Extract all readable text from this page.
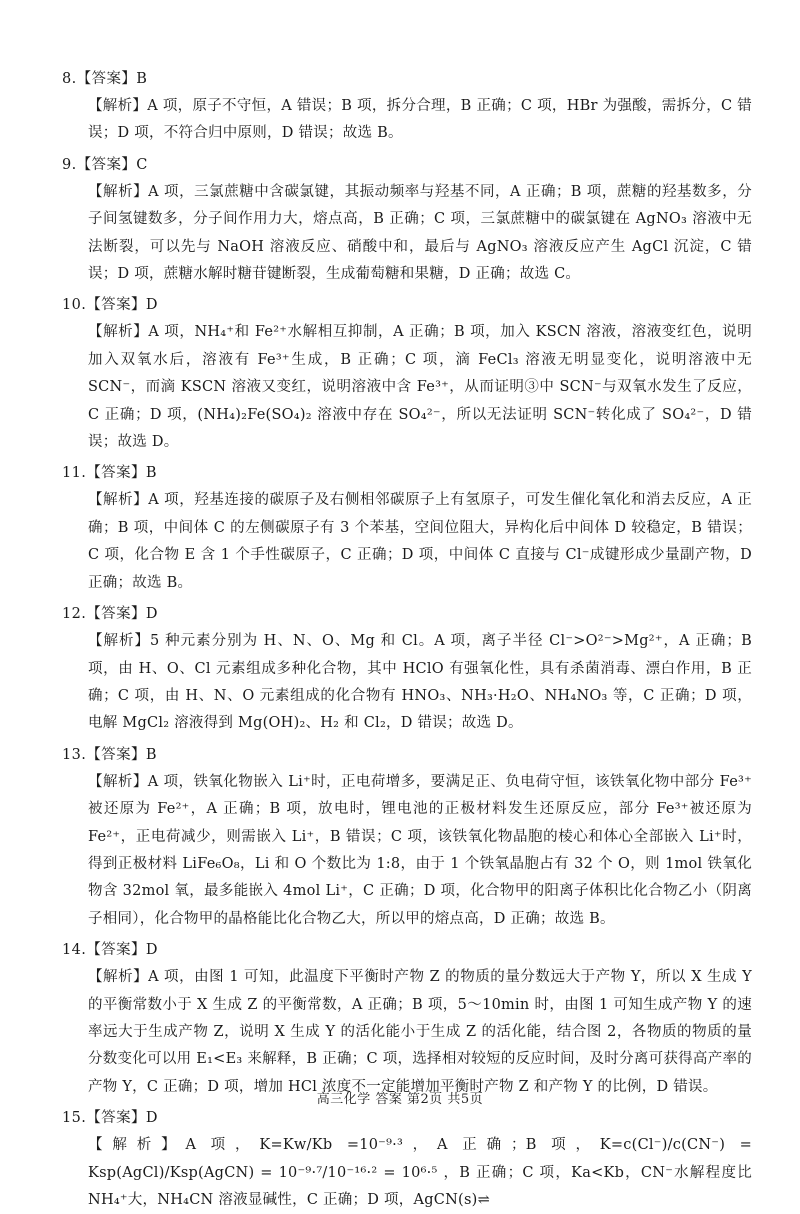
8.【答案】B
【解析】A 项，原子不守恒，A 错误；B 项，拆分合理，B 正确；C 项，HBr 为强酸，需拆分，C 错误；D 项，不符合归中原则，D 错误；故选 B。
9.【答案】C
【解析】A 项，三氯蔗糖中含碳氯键，其振动频率与羟基不同，A 正确；B 项，蔗糖的羟基数多，分子间氢键数多，分子间作用力大，熔点高，B 正确；C 项，三氯蔗糖中的碳氯键在 AgNO₃ 溶液中无法断裂，可以先与 NaOH 溶液反应、硝酸中和，最后与 AgNO₃ 溶液反应产生 AgCl 沉淀，C 错误；D 项，蔗糖水解时糖苷键断裂，生成葡萄糖和果糖，D 正确；故选 C。
10.【答案】D
【解析】A 项，NH₄⁺和 Fe²⁺水解相互抑制，A 正确；B 项，加入 KSCN 溶液，溶液变红色，说明加入双氧水后，溶液有 Fe³⁺生成，B 正确；C 项，滴 FeCl₃ 溶液无明显变化，说明溶液中无 SCN⁻，而滴 KSCN 溶液又变红，说明溶液中含 Fe³⁺，从而证明③中 SCN⁻与双氧水发生了反应，C 正确；D 项，(NH₄)₂Fe(SO₄)₂ 溶液中存在 SO₄²⁻，所以无法证明 SCN⁻转化成了 SO₄²⁻，D 错误；故选 D。
11.【答案】B
【解析】A 项，羟基连接的碳原子及右侧相邻碳原子上有氢原子，可发生催化氧化和消去反应，A 正确；B 项，中间体 C 的左侧碳原子有 3 个苯基，空间位阻大，异构化后中间体 D 较稳定，B 错误；C 项，化合物 E 含 1 个手性碳原子，C 正确；D 项，中间体 C 直接与 Cl⁻成键形成少量副产物，D 正确；故选 B。
12.【答案】D
【解析】5 种元素分别为 H、N、O、Mg 和 Cl。A 项，离子半径 Cl⁻>O²⁻>Mg²⁺，A 正确；B 项，由 H、O、Cl 元素组成多种化合物，其中 HClO 有强氧化性，具有杀菌消毒、漂白作用，B 正确；C 项，由 H、N、O 元素组成的化合物有 HNO₃、NH₃·H₂O、NH₄NO₃ 等，C 正确；D 项，电解 MgCl₂ 溶液得到 Mg(OH)₂、H₂ 和 Cl₂，D 错误；故选 D。
13.【答案】B
【解析】A 项，铁氧化物嵌入 Li⁺时，正电荷增多，要满足正、负电荷守恒，该铁氧化物中部分 Fe³⁺被还原为 Fe²⁺，A 正确；B 项，放电时，锂电池的正极材料发生还原反应，部分 Fe³⁺被还原为 Fe²⁺，正电荷减少，则需嵌入 Li⁺，B 错误；C 项，该铁氧化物晶胞的棱心和体心全部嵌入 Li⁺时，得到正极材料 LiFe₆O₈，Li 和 O 个数比为 1:8，由于 1 个铁氧晶胞占有 32 个 O，则 1mol 铁氧化物含 32mol 氧，最多能嵌入 4mol Li⁺，C 正确；D 项，化合物甲的阳离子体积比化合物乙小（阴离子相同），化合物甲的晶格能比化合物乙大，所以甲的熔点高，D 正确；故选 B。
14.【答案】D
【解析】A 项，由图 1 可知，此温度下平衡时产物 Z 的物质的量分数远大于产物 Y，所以 X 生成 Y 的平衡常数小于 X 生成 Z 的平衡常数，A 正确；B 项，5～10min 时，由图 1 可知生成产物 Y 的速率远大于生成产物 Z，说明 X 生成 Y 的活化能小于生成 Z 的活化能，结合图 2，各物质的物质的量分数变化可以用 E₁<E₃ 来解释，B 正确；C 项，选择相对较短的反应时间，及时分离可获得高产率的产物 Y，C 正确；D 项，增加 HCl 浓度不一定能增加平衡时产物 Z 和产物 Y 的比例，D 错误。
15.【答案】D
【解析】A 项，K=Kw/Kb =10⁻⁹·³，A 正确；B 项，K=c(Cl⁻)/c(CN⁻) = Ksp(AgCl)/Ksp(AgCN) = 10⁻⁹·⁷/10⁻¹⁶·² = 10⁶·⁵ ，B 正确；C 项，Ka<Kb，CN⁻水解程度比 NH₄⁺大，NH₄CN 溶液显碱性，C 正确；D 项，AgCN(s)⇌
高三化学 答案 第2页 共5页
